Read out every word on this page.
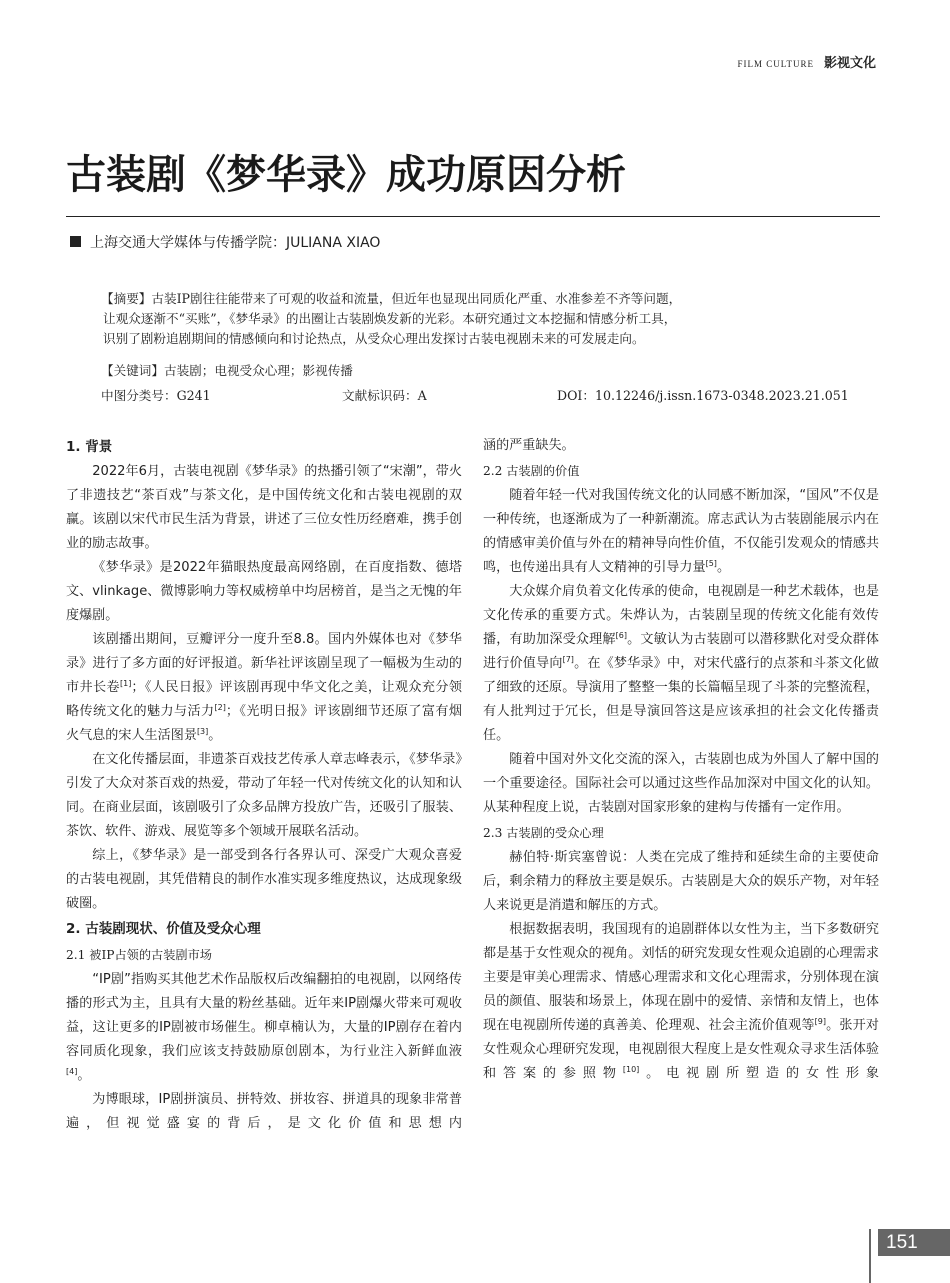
FILM CULTURE 影视文化
古装剧《梦华录》成功原因分析
上海交通大学媒体与传播学院：JULIANA XIAO
【摘要】古装IP剧往往能带来了可观的收益和流量，但近年也显现出同质化严重、水准参差不齐等问题，
让观众逐渐不“买账”，《梦华录》的出圈让古装剧焕发新的光彩。本研究通过文本挖掘和情感分析工具，
识别了剧粉追剧期间的情感倾向和讨论热点，从受众心理出发探讨古装电视剧未来的可发展走向。
【关键词】古装剧；电视受众心理；影视传播
中图分类号：G241	文献标识码：A	DOI：10.12246/j.issn.1673-0348.2023.21.051
1. 背景

2022年6月，古装电视剧《梦华录》的热播引领了“宋潮”，带火了非遗技艺“茶百戏”与茶文化，是中国传统文化和古装电视剧的双赢。该剧以宋代市民生活为背景，讲述了三位女性历经磨难，携手创业的励志故事。

《梦华录》是2022年猫眼热度最高网络剧，在百度指数、德塔文、vlinkage、微博影响力等权威榜单中均居榜首，是当之无愧的年度爆剧。

该剧播出期间，豆瓣评分一度升至8.8。国内外媒体也对《梦华录》进行了多方面的好评报道。新华社评该剧呈现了一幅极为生动的市井长卷[1]；《人民日报》评该剧再现中华文化之美，让观众充分领略传统文化的魅力与活力[2]；《光明日报》评该剧细节还原了富有烟火气息的宋人生活图景[3]。

在文化传播层面，非遗茶百戏技艺传承人章志峰表示，《梦华录》引发了大众对茶百戏的热爱，带动了年轻一代对传统文化的认知和认同。在商业层面，该剧吸引了众多品牌方投放广告，还吸引了服装、茶饮、软件、游戏、展览等多个领域开展联名活动。

综上，《梦华录》是一部受到各行各界认可、深受广大观众喜爱的古装电视剧，其凭借精良的制作水准实现多维度热议，达成现象级破圈。

2. 古装剧现状、价值及受众心理
2.1 被IP占领的古装剧市场

“IP剧”指购买其他艺术作品版权后改编翻拍的电视剧，以网络传播的形式为主，且具有大量的粉丝基础。近年来IP剧爆火带来可观收益，这让更多的IP剧被市场催生。柳卓楠认为，大量的IP剧存在着内容同质化现象，我们应该支持鼓励原创剧本，为行业注入新鲜血液[4]。

为博眼球，IP剧拼演员、拼特效、拼妆容、拼道具的现象非常普遍，但视觉盛宴的背后，是文化价值和思想内

涵的严重缺失。

2.2 古装剧的价值

随着年轻一代对我国传统文化的认同感不断加深，“国风”不仅是一种传统，也逐渐成为了一种新潮流。席志武认为古装剧能展示内在的情感审美价值与外在的精神导向性价值，不仅能引发观众的情感共鸣，也传递出具有人文精神的引导力量[5]。

大众媒介肩负着文化传承的使命，电视剧是一种艺术载体，也是文化传承的重要方式。朱烨认为，古装剧呈现的传统文化能有效传播，有助加深受众理解[6]。文敏认为古装剧可以潜移默化对受众群体进行价值导向[7]。在《梦华录》中，对宋代盛行的点茶和斗茶文化做了细致的还原。导演用了整整一集的长篇幅呈现了斗茶的完整流程，有人批判过于冗长，但是导演回答这是应该承担的社会文化传播责任。

随着中国对外文化交流的深入，古装剧也成为外国人了解中国的一个重要途径。国际社会可以通过这些作品加深对中国文化的认知。从某种程度上说，古装剧对国家形象的建构与传播有一定作用。

2.3 古装剧的受众心理

赫伯特·斯宾塞曾说：人类在完成了维持和延续生命的主要使命后，剩余精力的释放主要是娱乐。古装剧是大众的娱乐产物，对年轻人来说更是消遣和解压的方式。

根据数据表明，我国现有的追剧群体以女性为主，当下多数研究都是基于女性观众的视角。刘恬的研究发现女性观众追剧的心理需求主要是审美心理需求、情感心理需求和文化心理需求，分别体现在演员的颜值、服装和场景上，体现在剧中的爱情、亲情和友情上，也体现在电视剧所传递的真善美、伦理观、社会主流价值观等[9]。张开对女性观众心理研究发现，电视剧很大程度上是女性观众寻求生活体验和答案的参照物[10]。电视剧所塑造的女性形象

151
